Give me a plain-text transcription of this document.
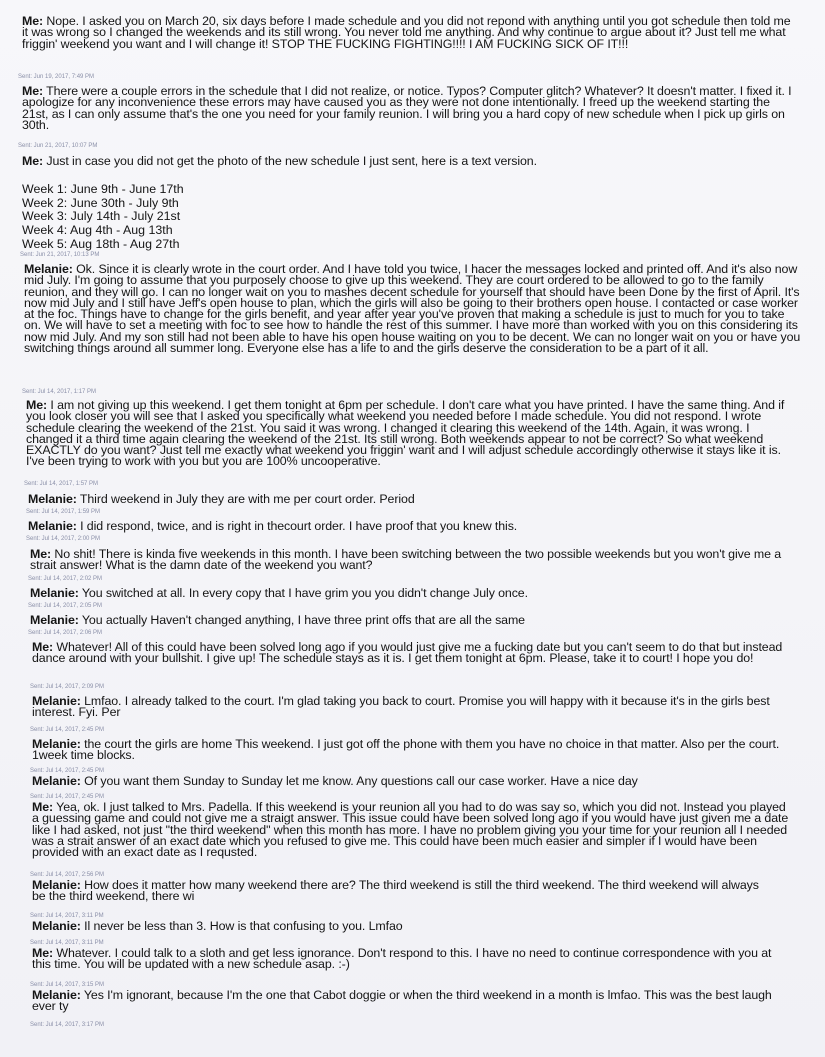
Me: Nope. I asked you on March 20, six days before I made schedule and you did not repond with anything until you got schedule then told me it was wrong so I changed the weekends and its still wrong. You never told me anything. And why continue to argue about it? Just tell me what friggin' weekend you want and I will change it! STOP THE FUCKING FIGHTING!!!! I AM FUCKING SICK OF IT!!!
Sent: Jun 19, 2017, 7:49 PM
Me: There were a couple errors in the schedule that I did not realize, or notice. Typos? Computer glitch? Whatever? It doesn't matter. I fixed it. I apologize for any inconvenience these errors may have caused you as they were not done intentionally. I freed up the weekend starting the 21st, as I can only assume that's the one you need for your family reunion. I will bring you a hard copy of new schedule when I pick up girls on 30th.
Sent: Jun 21, 2017, 10:07 PM
Me: Just in case you did not get the photo of the new schedule I just sent, here is a text version.
Week 1: June 9th - June 17th
Week 2: June 30th - July 9th
Week 3: July 14th - July 21st
Week 4: Aug 4th - Aug 13th
Week 5: Aug 18th - Aug 27th
Sent: Jun 21, 2017, 10:13 PM
Melanie: Ok. Since it is clearly wrote in the court order. And I have told you twice, I hacer the messages locked and printed off. And it's also now mid July. I'm going to assume that you purposely choose to give up this weekend. They are court ordered to be allowed to go to the family reunion, and they will go. I can no longer wait on you to mashes decent schedule for yourself that should have been Done by the first of April. It's now mid July and I still have Jeff's open house to plan, which the girls will also be going to their brothers open house. I contacted or case worker at the foc. Things have to change for the girls benefit, and year after year you've proven that making a schedule is just to much for you to take on. We will have to set a meeting with foc to see how to handle the rest of this summer. I have more than worked with you on this considering its now mid July. And my son still had not been able to have his open house waiting on you to be decent. We can no longer wait on you or have you switching things around all summer long. Everyone else has a life to and the girls deserve the consideration to be a part of it all.
Sent: Jul 14, 2017, 1:17 PM
Me: I am not giving up this weekend. I get them tonight at 6pm per schedule. I don't care what you have printed. I have the same thing. And if you look closer you will see that I asked you specifically what weekend you needed before I made schedule. You did not respond. I wrote schedule clearing the weekend of the 21st. You said it was wrong. I changed it clearing this weekend of the 14th. Again, it was wrong. I changed it a third time again clearing the weekend of the 21st. Its still wrong. Both weekends appear to not be correct? So what weekend EXACTLY do you want? Just tell me exactly what weekend you friggin' want and I will adjust schedule accordingly otherwise it stays like it is. I've been trying to work with you but you are 100% uncooperative.
Sent: Jul 14, 2017, 1:57 PM
Melanie: Third weekend in July they are with me per court order. Period
Sent: Jul 14, 2017, 1:59 PM
Melanie: I did respond, twice, and is right in thecourt order. I have proof that you knew this.
Sent: Jul 14, 2017, 2:00 PM
Me: No shit! There is kinda five weekends in this month. I have been switching between the two possible weekends but you won't give me a strait answer! What is the damn date of the weekend you want?
Sent: Jul 14, 2017, 2:02 PM
Melanie: You switched at all. In every copy that I have grim you you didn't change July once.
Sent: Jul 14, 2017, 2:05 PM
Melanie: You actually Haven't changed anything, I have three print offs that are all the same
Sent: Jul 14, 2017, 2:06 PM
Me: Whatever! All of this could have been solved long ago if you would just give me a fucking date but you can't seem to do that but instead dance around with your bullshit. I give up! The schedule stays as it is. I get them tonight at 6pm. Please, take it to court! I hope you do!
Sent: Jul 14, 2017, 2:09 PM
Melanie: Lmfao. I already talked to the court. I'm glad taking you back to court. Promise you will happy with it because it's in the girls best interest. Fyi. Per
Sent: Jul 14, 2017, 2:45 PM
Melanie: the court the girls are home This weekend. I just got off the phone with them you have no choice in that matter. Also per the court. 1week time blocks.
Sent: Jul 14, 2017, 2:45 PM
Melanie: Of you want them Sunday to Sunday let me know. Any questions call our case worker. Have a nice day
Sent: Jul 14, 2017, 2:45 PM
Me: Yea, ok. I just talked to Mrs. Padella. If this weekend is your reunion all you had to do was say so, which you did not. Instead you played a guessing game and could not give me a straigt answer. This issue could have been solved long ago if you would have just given me a date like I had asked, not just "the third weekend" when this month has more. I have no problem giving you your time for your reunion all I needed was a strait answer of an exact date which you refused to give me. This could have been much easier and simpler if I would have been provided with an exact date as I requsted.
Sent: Jul 14, 2017, 2:56 PM
Melanie: How does it matter how many weekend there are? The third weekend is still the third weekend. The third weekend will always be the third weekend, there wi
Sent: Jul 14, 2017, 3:11 PM
Melanie: Il never be less than 3. How is that confusing to you. Lmfao
Sent: Jul 14, 2017, 3:11 PM
Me: Whatever. I could talk to a sloth and get less ignorance. Don't respond to this. I have no need to continue correspondence with you at this time. You will be updated with a new schedule asap. :-)
Sent: Jul 14, 2017, 3:15 PM
Melanie: Yes I'm ignorant, because I'm the one that Cabot doggie or when the third weekend in a month is lmfao. This was the best laugh ever ty
Sent: Jul 14, 2017, 3:17 PM
